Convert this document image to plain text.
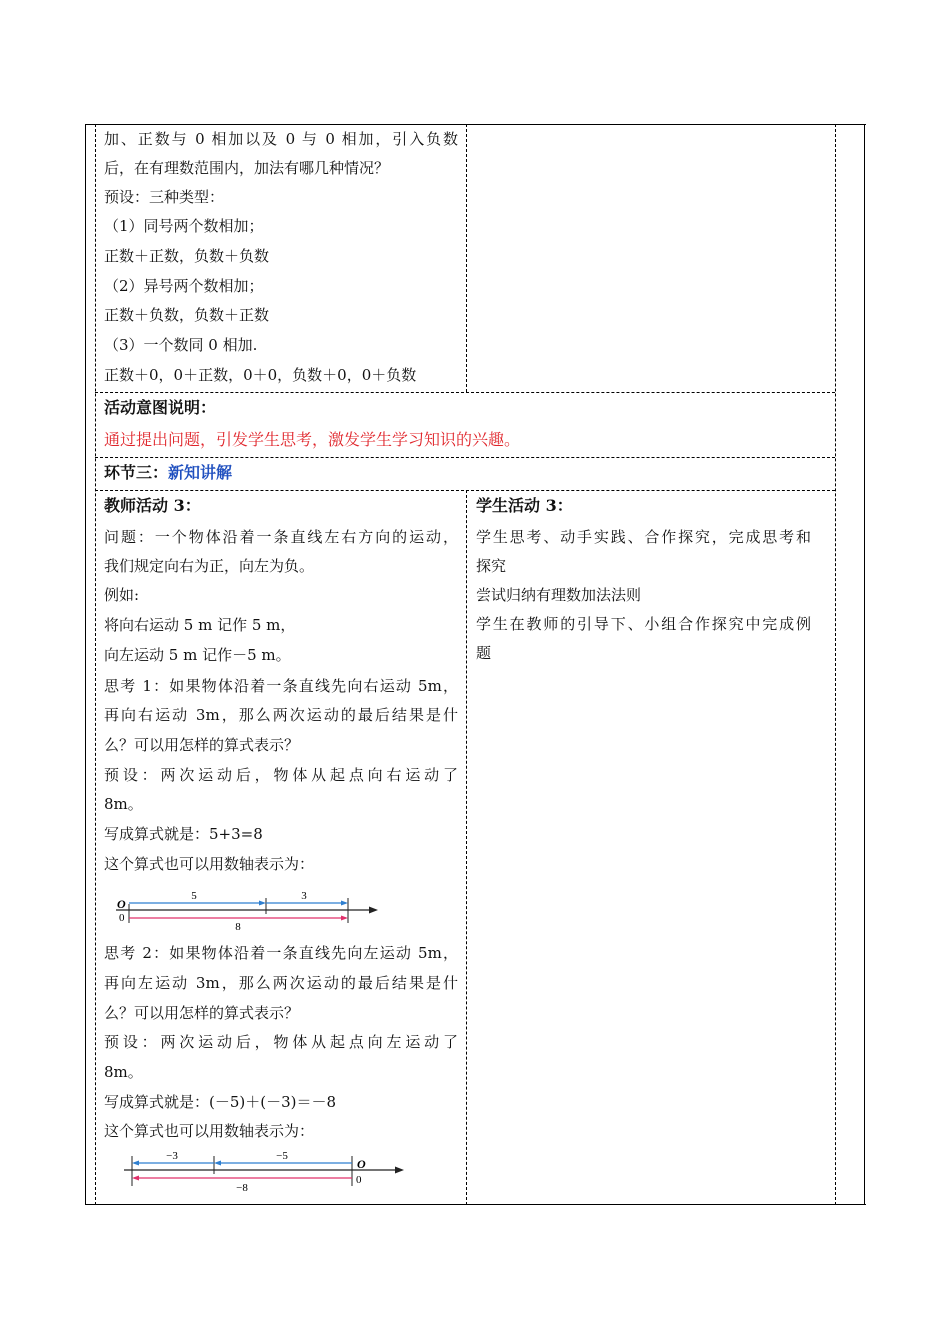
加、正数与 0 相加以及 0 与 0 相加，引入负数
后，在有理数范围内，加法有哪几种情况？
预设：三种类型：
（1）同号两个数相加；
正数＋正数，负数＋负数
（2）异号两个数相加；
正数＋负数，负数＋正数
（3）一个数同 0 相加.
正数＋0，0＋正数，0＋0，负数＋0，0＋负数
活动意图说明：
通过提出问题，引发学生思考，激发学生学习知识的兴趣。
环节三：新知讲解
教师活动 3：
问题：一个物体沿着一条直线左右方向的运动，
我们规定向右为正，向左为负。
例如:
将向右运动 5 m 记作 5 m，
向左运动 5 m 记作－5 m。
思考 1：如果物体沿着一条直线先向右运动 5m，
再向右运动 3m，那么两次运动的最后结果是什
么？可以用怎样的算式表示？
预设：两次运动后，物体从起点向右运动了
8m。
写成算式就是：5+3=8
这个算式也可以用数轴表示为：
O
0
5	3
8
思考 2：如果物体沿着一条直线先向左运动 5m，
再向左运动 3m，那么两次运动的最后结果是什
么？可以用怎样的算式表示？
预设：两次运动后，物体从起点向左运动了
8m。
写成算式就是：(－5)＋(－3)＝－8
这个算式也可以用数轴表示为：
O
0
−5
−3
−8
学生活动 3：
学生思考、动手实践、合作探究，完成思考和
探究
尝试归纳有理数加法法则
学生在教师的引导下、小组合作探究中完成例
题
